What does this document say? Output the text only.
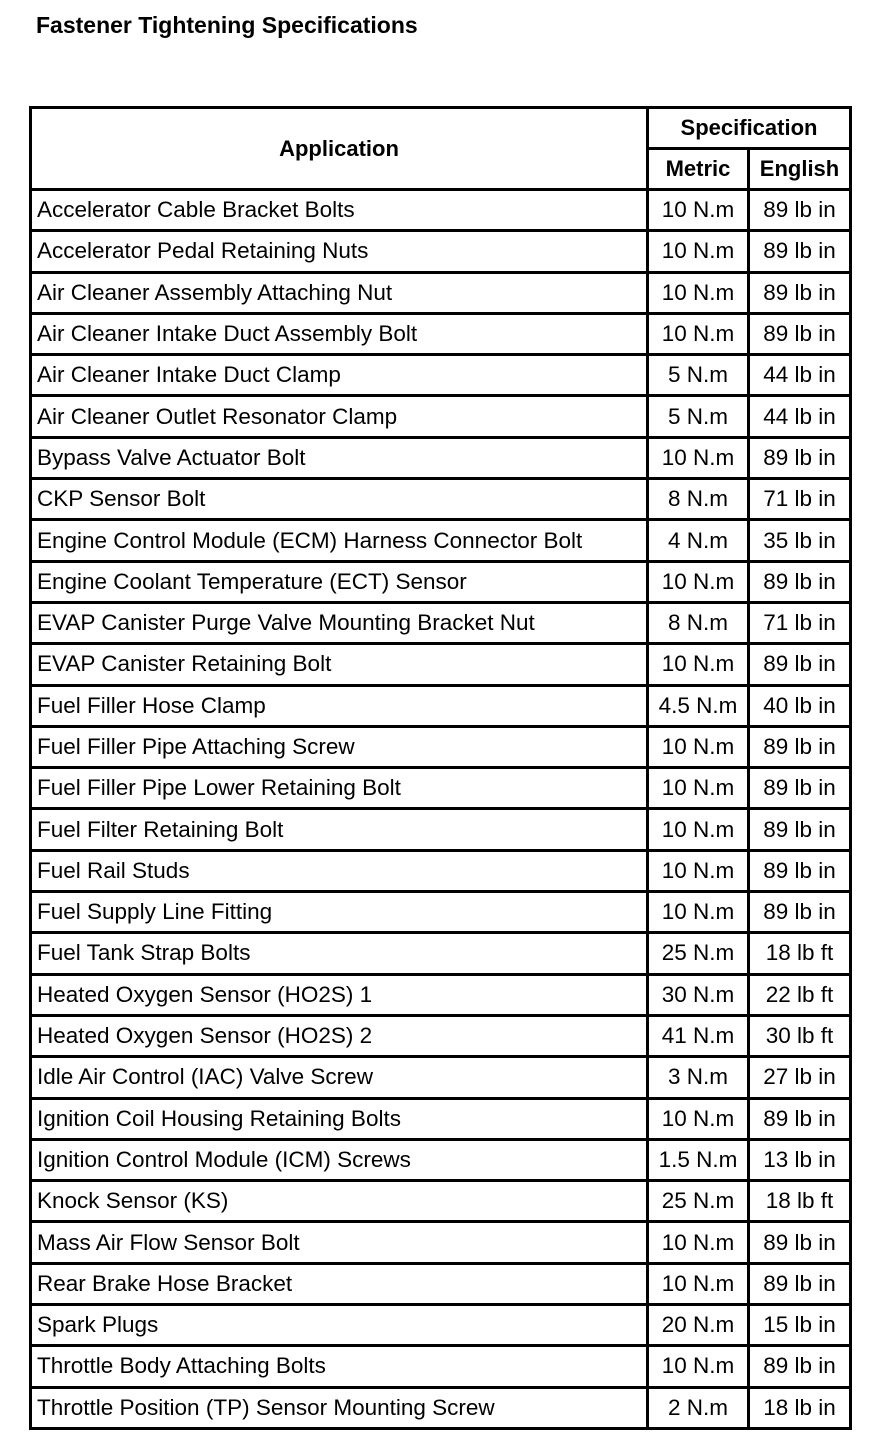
Fastener Tightening Specifications
Application	Specification	
	Metric	English
Accelerator Cable Bracket Bolts	10 N.m	89 lb in
Accelerator Pedal Retaining Nuts	10 N.m	89 lb in
Air Cleaner Assembly Attaching Nut	10 N.m	89 lb in
Air Cleaner Intake Duct Assembly Bolt	10 N.m	89 lb in
Air Cleaner Intake Duct Clamp	5 N.m	44 lb in
Air Cleaner Outlet Resonator Clamp	5 N.m	44 lb in
Bypass Valve Actuator Bolt	10 N.m	89 lb in
CKP Sensor Bolt	8 N.m	71 lb in
Engine Control Module (ECM) Harness Connector Bolt	4 N.m	35 lb in
Engine Coolant Temperature (ECT) Sensor	10 N.m	89 lb in
EVAP Canister Purge Valve Mounting Bracket Nut	8 N.m	71 lb in
EVAP Canister Retaining Bolt	10 N.m	89 lb in
Fuel Filler Hose Clamp	4.5 N.m	40 lb in
Fuel Filler Pipe Attaching Screw	10 N.m	89 lb in
Fuel Filler Pipe Lower Retaining Bolt	10 N.m	89 lb in
Fuel Filter Retaining Bolt	10 N.m	89 lb in
Fuel Rail Studs	10 N.m	89 lb in
Fuel Supply Line Fitting	10 N.m	89 lb in
Fuel Tank Strap Bolts	25 N.m	18 lb ft
Heated Oxygen Sensor (HO2S) 1	30 N.m	22 lb ft
Heated Oxygen Sensor (HO2S) 2	41 N.m	30 lb ft
Idle Air Control (IAC) Valve Screw	3 N.m	27 lb in
Ignition Coil Housing Retaining Bolts	10 N.m	89 lb in
Ignition Control Module (ICM) Screws	1.5 N.m	13 lb in
Knock Sensor (KS)	25 N.m	18 lb ft
Mass Air Flow Sensor Bolt	10 N.m	89 lb in
Rear Brake Hose Bracket	10 N.m	89 lb in
Spark Plugs	20 N.m	15 lb in
Throttle Body Attaching Bolts	10 N.m	89 lb in
Throttle Position (TP) Sensor Mounting Screw	2 N.m	18 lb in
